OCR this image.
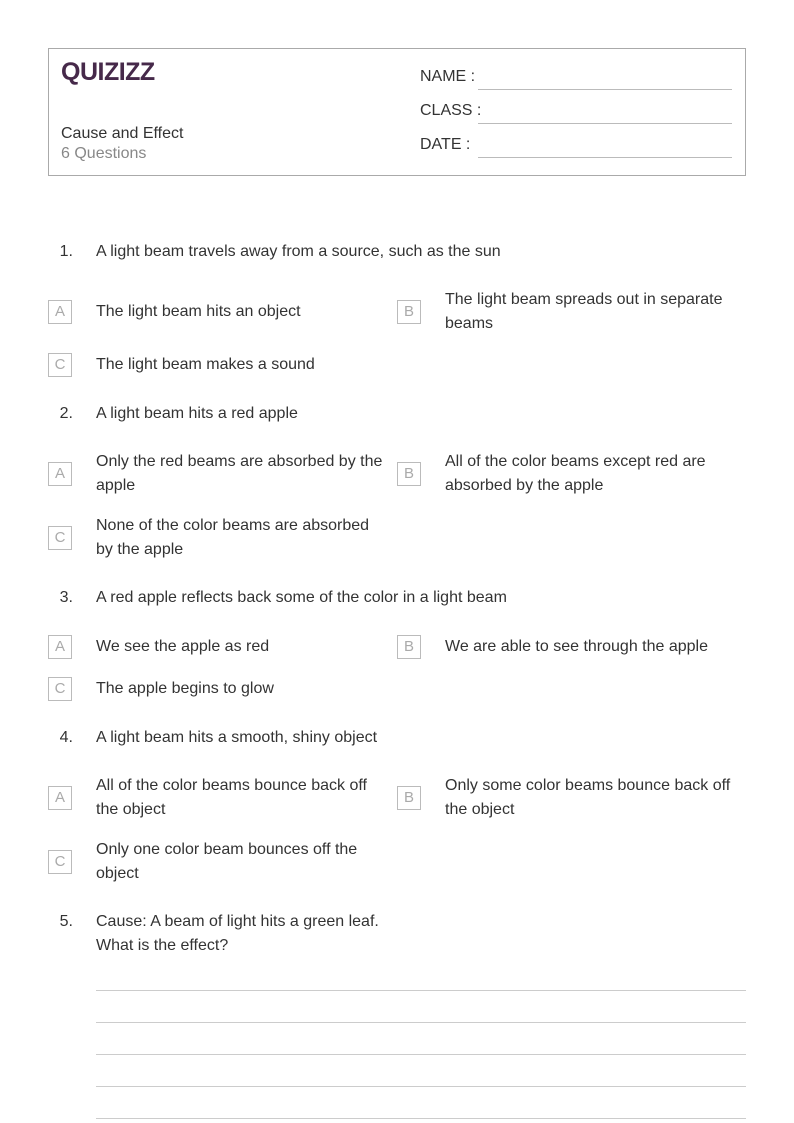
QUIZIZZ
Cause and Effect
6 Questions
NAME :
CLASS :
DATE :
1. A light beam travels away from a source, such as the sun
A	The light beam hits an object	B
The light beam spreads out in separate beams
C	The light beam makes a sound
2. A light beam hits a red apple
A
Only the red beams are absorbed by the apple
B
All of the color beams except red are absorbed by the apple
C
None of the color beams are absorbed by the apple
3. A red apple reflects back some of the color in a light beam
A	We see the apple as red	B	We are able to see through the apple
C	The apple begins to glow
4. A light beam hits a smooth, shiny object
A
All of the color beams bounce back off the object
B
Only some color beams bounce back off the object
C
Only one color beam bounces off the object
5. Cause: A beam of light hits a green leaf. What is the effect?
